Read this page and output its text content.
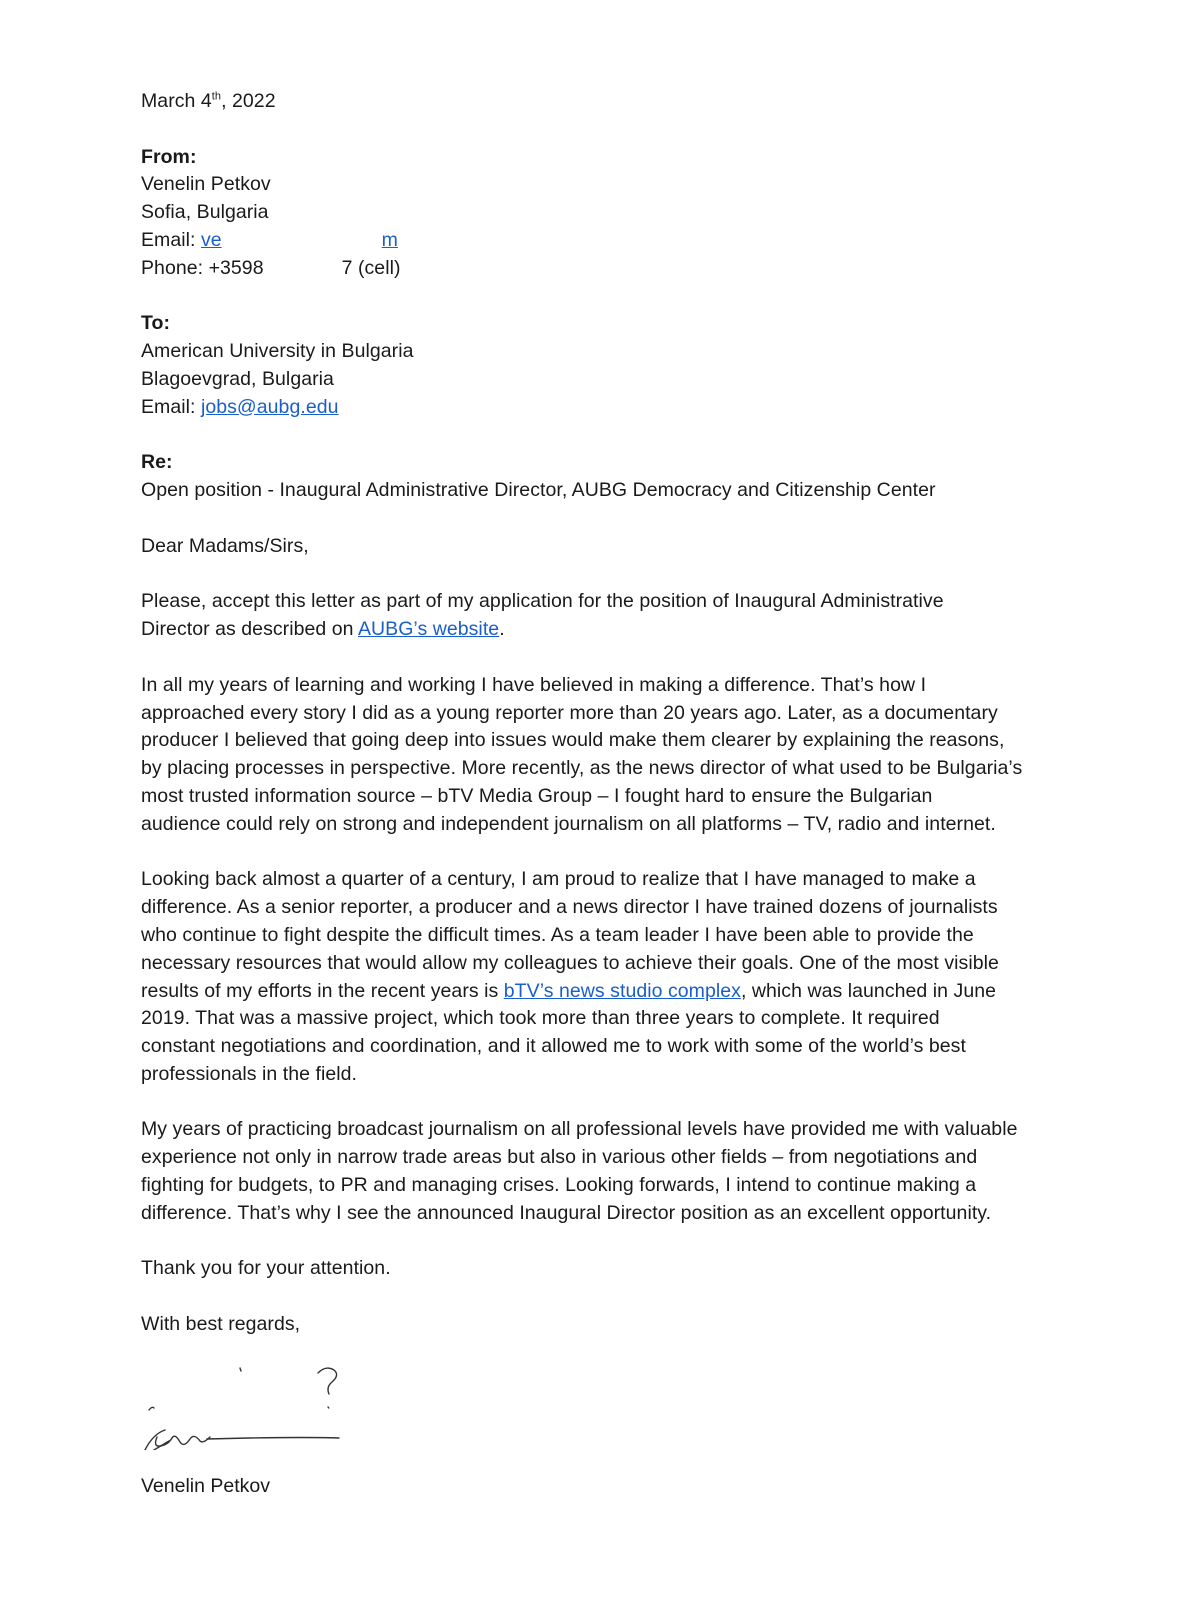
March 4th, 2022
From:
Venelin Petkov
Sofia, Bulgaria
Email: ve	m
Phone: +3598	7 (cell)
To:
American University in Bulgaria
Blagoevgrad, Bulgaria
Email: jobs@aubg.edu
Re:
Open position - Inaugural Administrative Director, AUBG Democracy and Citizenship Center
Dear Madams/Sirs,
Please, accept this letter as part of my application for the position of Inaugural Administrative
Director as described on AUBG’s website.
In all my years of learning and working I have believed in making a difference. That’s how I
approached every story I did as a young reporter more than 20 years ago. Later, as a documentary
producer I believed that going deep into issues would make them clearer by explaining the reasons,
by placing processes in perspective. More recently, as the news director of what used to be Bulgaria’s
most trusted information source – bTV Media Group – I fought hard to ensure the Bulgarian
audience could rely on strong and independent journalism on all platforms – TV, radio and internet.
Looking back almost a quarter of a century, I am proud to realize that I have managed to make a
difference. As a senior reporter, a producer and a news director I have trained dozens of journalists
who continue to fight despite the difficult times. As a team leader I have been able to provide the
necessary resources that would allow my colleagues to achieve their goals. One of the most visible
results of my efforts in the recent years is bTV’s news studio complex, which was launched in June
2019. That was a massive project, which took more than three years to complete. It required
constant negotiations and coordination, and it allowed me to work with some of the world’s best
professionals in the field.
My years of practicing broadcast journalism on all professional levels have provided me with valuable
experience not only in narrow trade areas but also in various other fields – from negotiations and
fighting for budgets, to PR and managing crises. Looking forwards, I intend to continue making a
difference. That’s why I see the announced Inaugural Director position as an excellent opportunity.
Thank you for your attention.
With best regards,
Venelin Petkov
